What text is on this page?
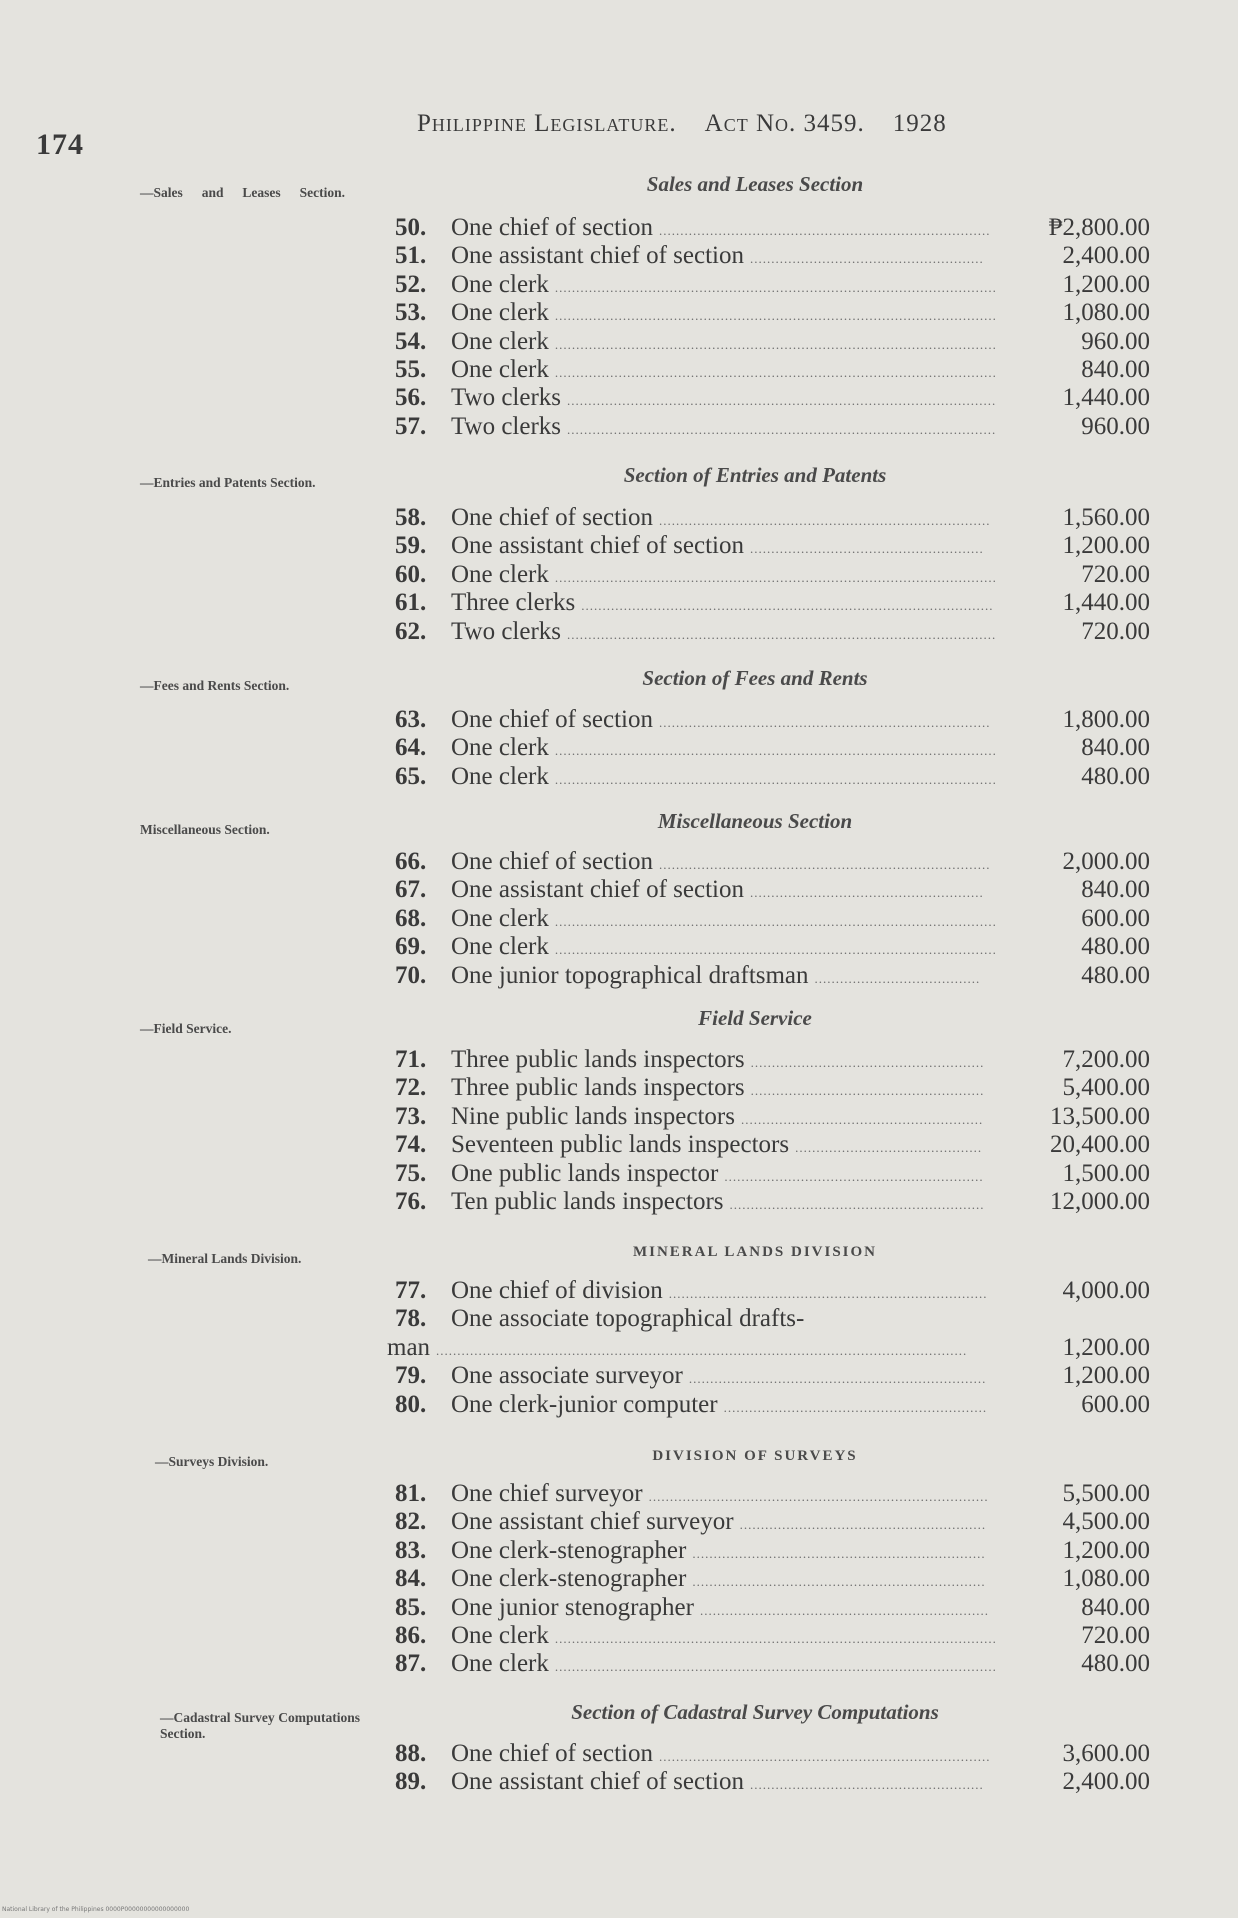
174
Philippine Legislature. Act No. 3459. 1928
—Sales and Leases Section.
—Entries and Patents Section.
—Fees and Rents Section.
Miscellaneous Section.
—Field Service.
—Mineral Lands Division.
—Surveys Division.
—Cadastral Survey Computations Section.
Sales and Leases Section
Section of Entries and Patents
Section of Fees and Rents
Miscellaneous Section
Field Service
MINERAL LANDS DIVISION
DIVISION OF SURVEYS
Section of Cadastral Survey Computations
50. One chief of section ..............................................................................	₱2,800.00
51. One assistant chief of section .......................................................	2,400.00
52. One clerk ........................................................................................................	1,200.00
53. One clerk ........................................................................................................	1,080.00
54. One clerk ........................................................................................................	960.00
55. One clerk ........................................................................................................	840.00
56. Two clerks .....................................................................................................	1,440.00
57. Two clerks .....................................................................................................	960.00
58. One chief of section ..............................................................................	1,560.00
59. One assistant chief of section .......................................................	1,200.00
60. One clerk ........................................................................................................	720.00
61. Three clerks .................................................................................................	1,440.00
62. Two clerks .....................................................................................................	720.00
63. One chief of section ..............................................................................	1,800.00
64. One clerk ........................................................................................................	840.00
65. One clerk ........................................................................................................	480.00
66. One chief of section ..............................................................................	2,000.00
67. One assistant chief of section .......................................................	840.00
68. One clerk ........................................................................................................	600.00
69. One clerk ........................................................................................................	480.00
70. One junior topographical draftsman .......................................	480.00
71. Three public lands inspectors .......................................................	7,200.00
72. Three public lands inspectors .......................................................	5,400.00
73. Nine public lands inspectors .........................................................	13,500.00
74. Seventeen public lands inspectors ............................................	20,400.00
75. One public lands inspector .............................................................	1,500.00
76. Ten public lands inspectors ............................................................	12,000.00
77. One chief of division ...........................................................................	4,000.00
78. One associate topographical drafts-
man .............................................................................................................................	1,200.00
79. One associate surveyor ......................................................................	1,200.00
80. One clerk-junior computer ..............................................................	600.00
81. One chief surveyor ................................................................................	5,500.00
82. One assistant chief surveyor ..........................................................	4,500.00
83. One clerk-stenographer .....................................................................	1,200.00
84. One clerk-stenographer .....................................................................	1,080.00
85. One junior stenographer ....................................................................	840.00
86. One clerk ........................................................................................................	720.00
87. One clerk ........................................................................................................	480.00
88. One chief of section ..............................................................................	3,600.00
89. One assistant chief of section .......................................................	2,400.00
National Library of the Philippines 0000P00000000000000000
